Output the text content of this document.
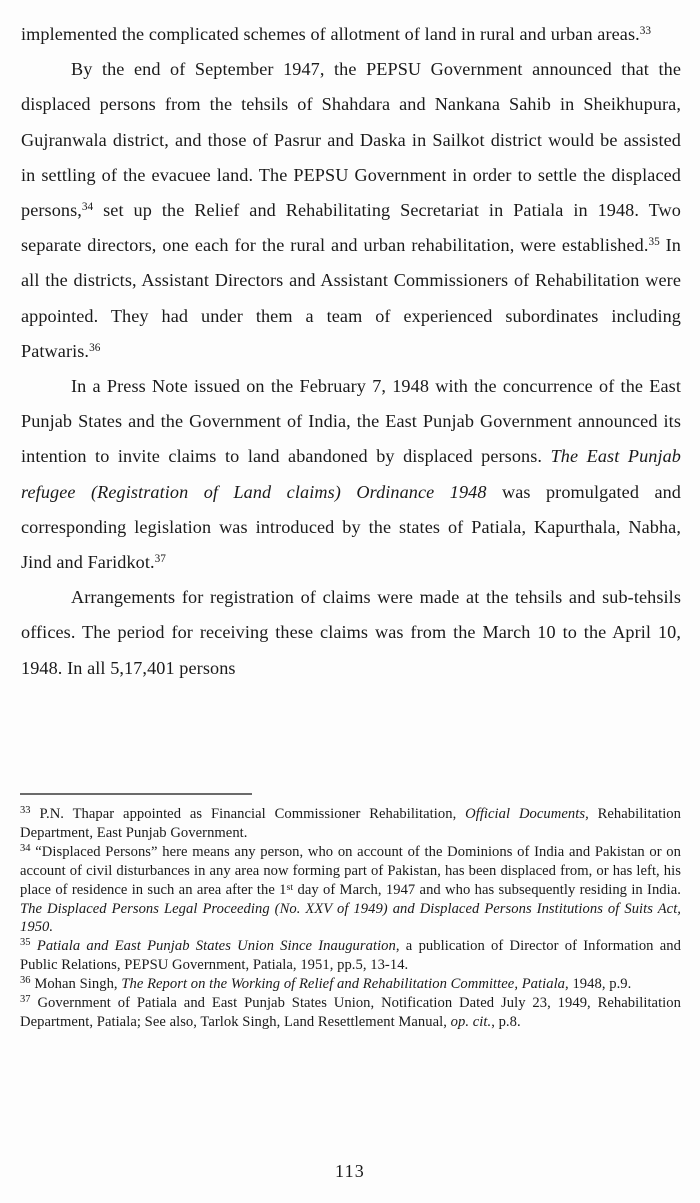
implemented the complicated schemes of allotment of land in rural and urban areas.$^{33}$

By the end of September 1947, the PEPSU Government announced that the displaced persons from the tehsils of Shahdara and Nankana Sahib in Sheikhupura, Gujranwala district, and those of Pasrur and Daska in Sailkot district would be assisted in settling of the evacuee land. The PEPSU Government in order to settle the displaced persons,$^{34}$ set up the Relief and Rehabilitating Secretariat in Patiala in 1948. Two separate directors, one each for the rural and urban rehabilitation, were established.$^{35}$ In all the districts, Assistant Directors and Assistant Commissioners of Rehabilitation were appointed. They had under them a team of experienced subordinates including Patwaris.$^{36}$

In a Press Note issued on the February 7, 1948 with the concurrence of the East Punjab States and the Government of India, the East Punjab Government announced its intention to invite claims to land abandoned by displaced persons. The East Punjab refugee (Registration of Land claims) Ordinance 1948 was promulgated and corresponding legislation was introduced by the states of Patiala, Kapurthala, Nabha, Jind and Faridkot.$^{37}$

Arrangements for registration of claims were made at the tehsils and sub-tehsils offices. The period for receiving these claims was from the March 10 to the April 10, 1948. In all 5,17,401 persons

$^{33}$ P.N. Thapar appointed as Financial Commissioner Rehabilitation, Official Documents, Rehabilitation Department, East Punjab Government.

$^{34}$ “Displaced Persons” here means any person, who on account of the Dominions of India and Pakistan or on account of civil disturbances in any area now forming part of Pakistan, has been displaced from, or has left, his place of residence in such an area after the 1st day of March, 1947 and who has subsequently residing in India. The Displaced Persons Legal Proceeding (No. XXV of 1949) and Displaced Persons Institutions of Suits Act, 1950.

$^{35}$ Patiala and East Punjab States Union Since Inauguration, a publication of Director of Information and Public Relations, PEPSU Government, Patiala, 1951, pp.5, 13-14.

$^{36}$ Mohan Singh, The Report on the Working of Relief and Rehabilitation Committee, Patiala, 1948, p.9.

$^{37}$ Government of Patiala and East Punjab States Union, Notification Dated July 23, 1949, Rehabilitation Department, Patiala; See also, Tarlok Singh, Land Resettlement Manual, op. cit., p.8.

113
